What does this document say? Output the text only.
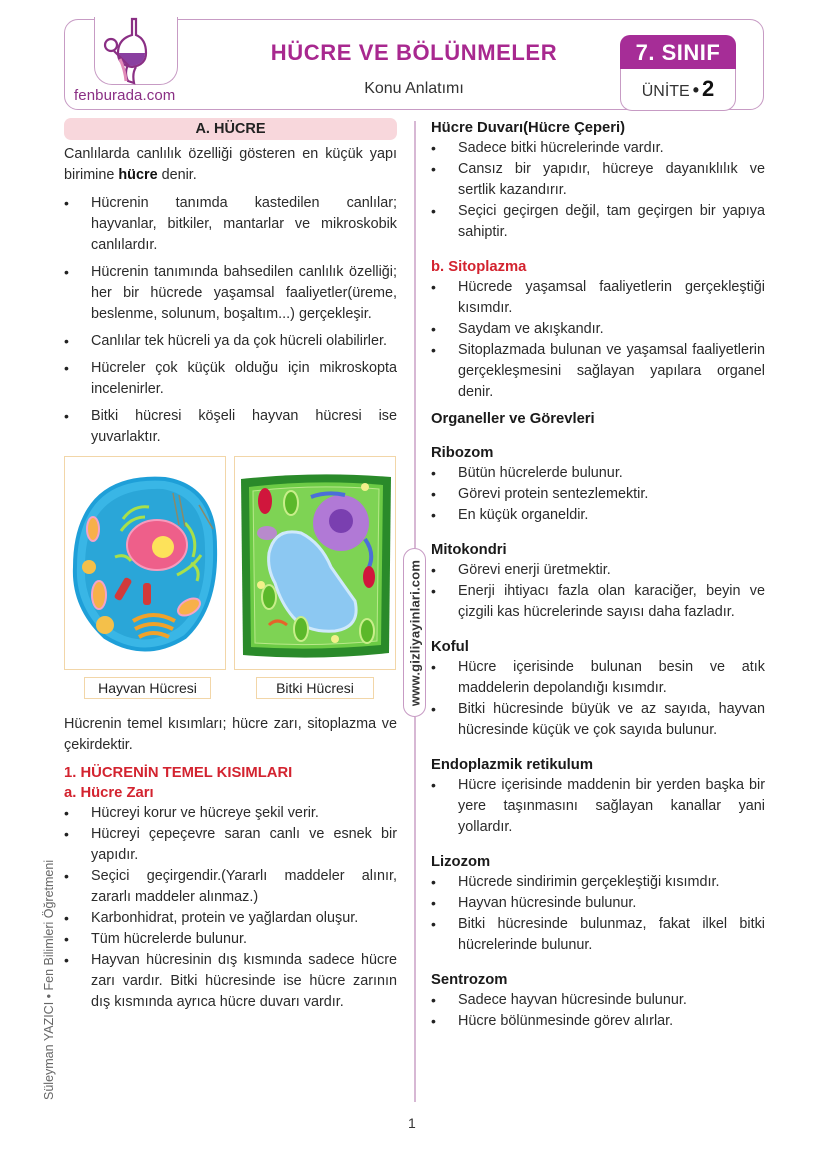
fenburada.com
HÜCRE VE BÖLÜNMELER
Konu Anlatımı
7. SINIF
ÜNİTE • 2
A. HÜCRE

Canlılarda canlılık özelliği gösteren en küçük yapı birimine hücre denir.

• Hücrenin tanımda kastedilen canlılar; hayvanlar, bitkiler, mantarlar ve mikroskobik canlılardır.
• Hücrenin tanımında bahsedilen canlılık özelliği; her bir hücrede yaşamsal faaliyetler(üreme, beslenme, solunum, boşaltım...) gerçekleşir.
• Canlılar tek hücreli ya da çok hücreli olabilirler.
• Hücreler çok küçük olduğu için mikroskopta incelenirler.
• Bitki hücresi köşeli hayvan hücresi ise yuvarlaktır.
Hayvan Hücresi	Bitki Hücresi

Hücrenin temel kısımları; hücre zarı, sitoplazma ve çekirdektir.

1. HÜCRENİN TEMEL KISIMLARI
a. Hücre Zarı
• Hücreyi korur ve hücreye şekil verir.
• Hücreyi çepeçevre saran canlı ve esnek bir yapıdır.
• Seçici geçirgendir.(Yararlı maddeler alınır, zararlı maddeler alınmaz.)
• Karbonhidrat, protein ve yağlardan oluşur.
• Tüm hücrelerde bulunur.
• Hayvan hücresinin dış kısmında sadece hücre zarı vardır. Bitki hücresinde ise hücre zarının dış kısmında ayrıca hücre duvarı vardır.
www.gizliyayinlari.com
Hücre Duvarı(Hücre Çeperi)
• Sadece bitki hücrelerinde vardır.
• Cansız bir yapıdır, hücreye dayanıklılık ve sertlik kazandırır.
• Seçici geçirgen değil, tam geçirgen bir yapıya sahiptir.
b. Sitoplazma
• Hücrede yaşamsal faaliyetlerin gerçekleştiği kısımdır.
• Saydam ve akışkandır.
• Sitoplazmada bulunan ve yaşamsal faaliyetlerin gerçekleşmesini sağlayan yapılara organel denir.
Organeller ve Görevleri
Ribozom
• Bütün hücrelerde bulunur.
• Görevi protein sentezlemektir.
• En küçük organeldir.
Mitokondri
• Görevi enerji üretmektir.
• Enerji ihtiyacı fazla olan karaciğer, beyin ve çizgili kas hücrelerinde sayısı daha fazladır.
Koful
• Hücre içerisinde bulunan besin ve atık maddelerin depolandığı kısımdır.
• Bitki hücresinde büyük ve az sayıda, hayvan hücresinde küçük ve çok sayıda bulunur.
Endoplazmik retikulum
• Hücre içerisinde maddenin bir yerden başka bir yere taşınmasını sağlayan kanallar yani yollardır.
Lizozom
• Hücrede sindirimin gerçekleştiği kısımdır.
• Hayvan hücresinde bulunur.
• Bitki hücresinde bulunmaz, fakat ilkel bitki hücrelerinde bulunur.
Sentrozom
• Sadece hayvan hücresinde bulunur.
• Hücre bölünmesinde görev alırlar.
Süleyman YAZICI • Fen Bilimleri Öğretmeni
1
